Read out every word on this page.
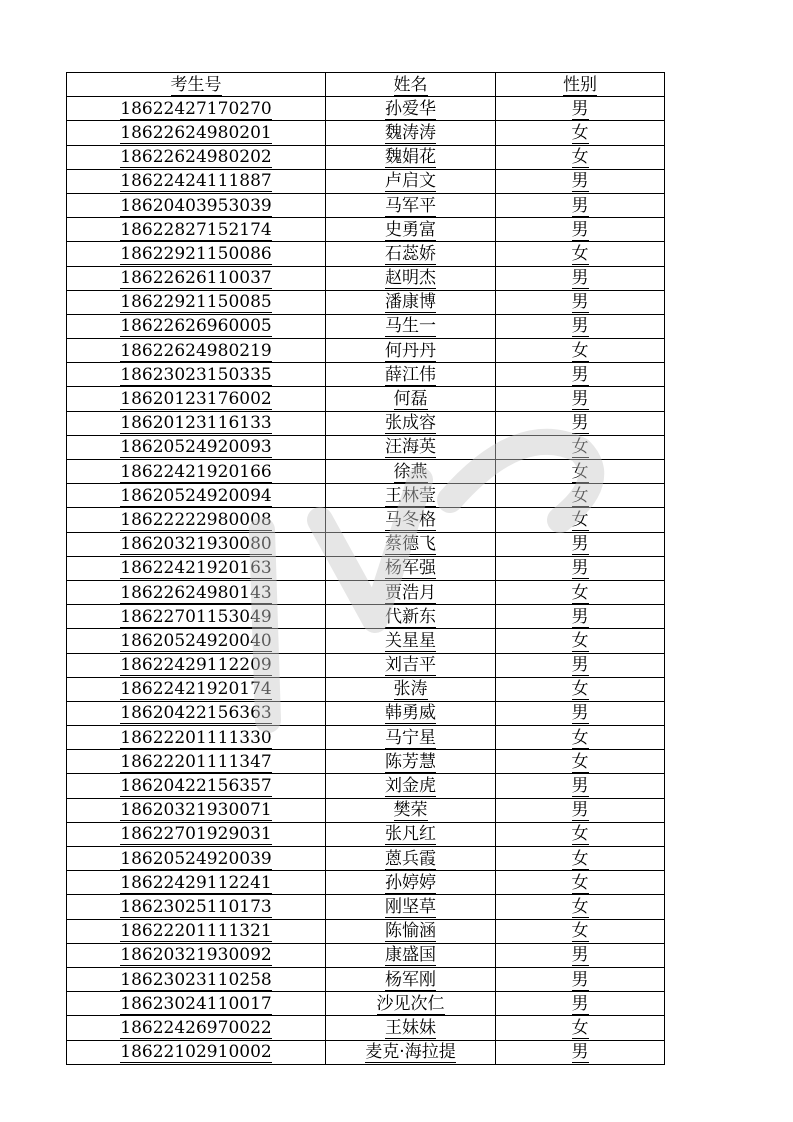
考生号	姓名	性别
18622427170270	孙爱华	男
18622624980201	魏涛涛	女
18622624980202	魏娟花	女
18622424111887	卢启文	男
18620403953039	马军平	男
18622827152174	史勇富	男
18622921150086	石蕊娇	女
18622626110037	赵明杰	男
18622921150085	潘康博	男
18622626960005	马生一	男
18622624980219	何丹丹	女
18623023150335	薛江伟	男
18620123176002	何磊	男
18620123116133	张成容	男
18620524920093	汪海英	女
18622421920166	徐燕	女
18620524920094	王林莹	女
18622222980008	马冬格	女
18620321930080	蔡德飞	男
18622421920163	杨军强	男
18622624980143	贾浩月	女
18622701153049	代新东	男
18620524920040	关星星	女
18622429112209	刘吉平	男
18622421920174	张涛	女
18620422156363	韩勇威	男
18622201111330	马宁星	女
18622201111347	陈芳慧	女
18620422156357	刘金虎	男
18620321930071	樊荣	男
18622701929031	张凡红	女
18620524920039	蒽兵霞	女
18622429112241	孙婷婷	女
18623025110173	刚坚草	女
18622201111321	陈愉涵	女
18620321930092	康盛国	男
18623023110258	杨军刚	男
18623024110017	沙见次仁	男
18622426970022	王妹妹	女
18622102910002	麦克·海拉提	男
